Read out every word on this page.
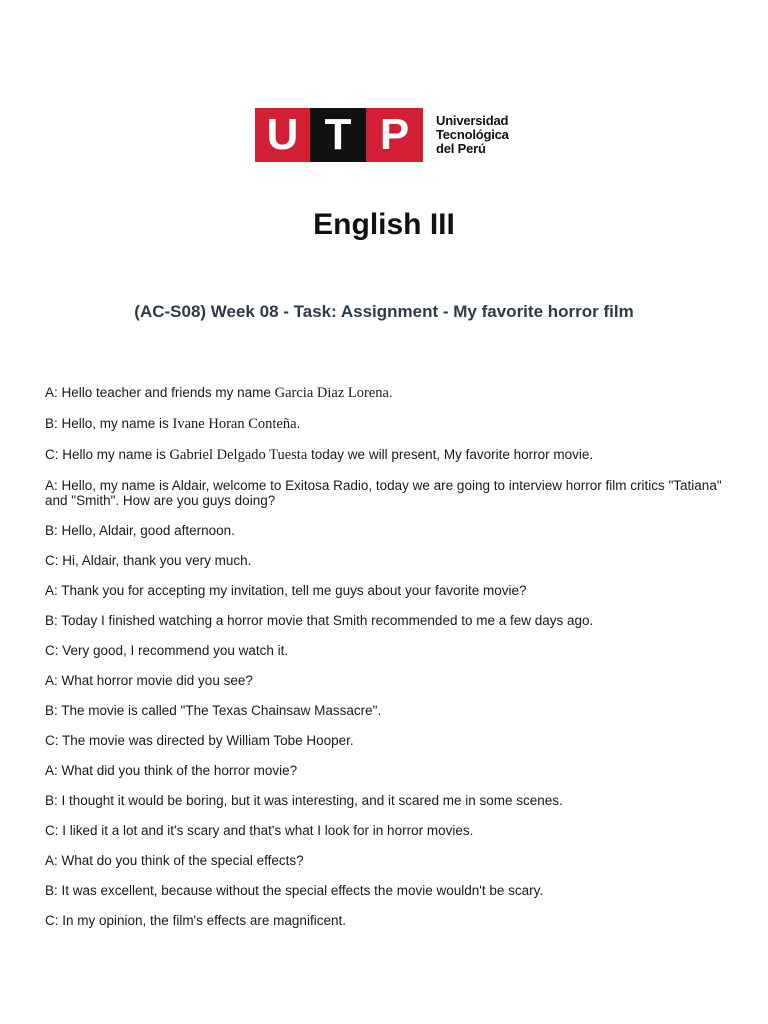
U T P	Universidad
Tecnológica
del Perú
English III
(AC-S08) Week 08 - Task: Assignment - My favorite horror film

A: Hello teacher and friends my name Garcia Diaz Lorena.

B: Hello, my name is Ivane Horan Conteña.

C: Hello my name is Gabriel Delgado Tuesta today we will present, My favorite horror movie.

A: Hello, my name is Aldair, welcome to Exitosa Radio, today we are going to interview horror film critics "Tatiana" and "Smith". How are you guys doing?

B: Hello, Aldair, good afternoon.

C: Hi, Aldair, thank you very much.

A: Thank you for accepting my invitation, tell me guys about your favorite movie?

B: Today I finished watching a horror movie that Smith recommended to me a few days ago.

C: Very good, I recommend you watch it.

A: What horror movie did you see?

B: The movie is called "The Texas Chainsaw Massacre".

C: The movie was directed by William Tobe Hooper.

A: What did you think of the horror movie?

B: I thought it would be boring, but it was interesting, and it scared me in some scenes.

C: I liked it a lot and it's scary and that's what I look for in horror movies.

A: What do you think of the special effects?

B: It was excellent, because without the special effects the movie wouldn't be scary.

C: In my opinion, the film's effects are magnificent.
